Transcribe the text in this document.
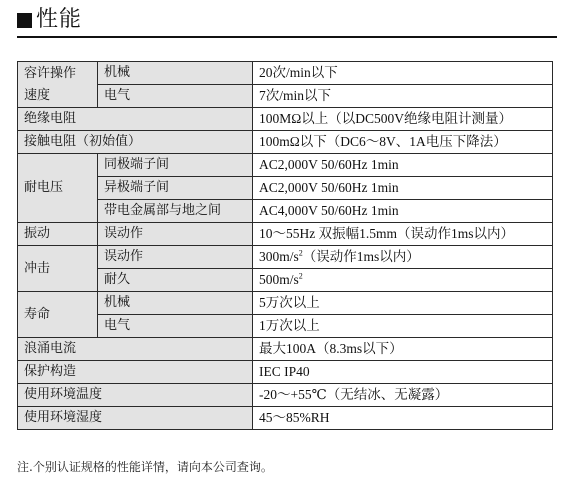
性能
容许操作
速度	机械	20次/min以下
	电气	7次/min以下
绝缘电阻		100MΩ以上（以DC500V绝缘电阻计测量）
接触电阻（初始值）		100mΩ以下（DC6～8V、1A电压下降法）
耐电压	同极端子间	AC2,000V 50/60Hz 1min
	异极端子间	AC2,000V 50/60Hz 1min
	带电金属部与地之间	AC4,000V 50/60Hz 1min
振动	误动作	10～55Hz 双振幅1.5mm（误动作1ms以内）
冲击	误动作	$300m/s^2$（误动作1ms以内）
	耐久	$500m/s^2$
寿命	机械	5万次以上
	电气	1万次以上
浪涌电流		最大100A（8.3ms以下）
保护构造		IEC IP40
使用环境温度		-20～+55℃（无结冰、无凝露）
使用环境湿度		45～85%RH
注.个别认证规格的性能详情，请向本公司查询。
